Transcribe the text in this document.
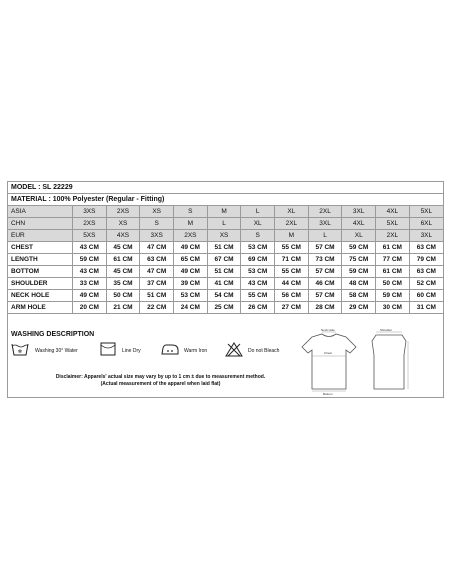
MODEL : SL 22229
MATERIAL : 100% Polyester (Regular - Fitting)
ASIA	3XS	2XS	XS	S	M	L	XL	2XL	3XL	4XL	5XL
CHN	2XS	XS	S	M	L	XL	2XL	3XL	4XL	5XL	6XL
EUR	5XS	4XS	3XS	2XS	XS	S	M	L	XL	2XL	3XL
CHEST	43 CM	45 CM	47 CM	49 CM	51 CM	53 CM	55 CM	57 CM	59 CM	61 CM	63 CM
LENGTH	59 CM	61 CM	63 CM	65 CM	67 CM	69 CM	71 CM	73 CM	75 CM	77 CM	79 CM
BOTTOM	43 CM	45 CM	47 CM	49 CM	51 CM	53 CM	55 CM	57 CM	59 CM	61 CM	63 CM
SHOULDER	33 CM	35 CM	37 CM	39 CM	41 CM	43 CM	44 CM	46 CM	48 CM	50 CM	52 CM
NECK HOLE	49 CM	50 CM	51 CM	53 CM	54 CM	55 CM	56 CM	57 CM	58 CM	59 CM	60 CM
ARM HOLE	20 CM	21 CM	22 CM	24 CM	25 CM	26 CM	27 CM	28 CM	29 CM	30 CM	31 CM
WASHING DESCRIPTION
✻	Washing 30° Water	Line Dry	Warm Iron	Do not Bleach
Disclaimer: Apparels' actual size may vary by up to 1 cm ± due to measurement method.
(Actual measurement of the apparel when laid flat)
Neck Hole
Chest
Bottom
Shoulder
